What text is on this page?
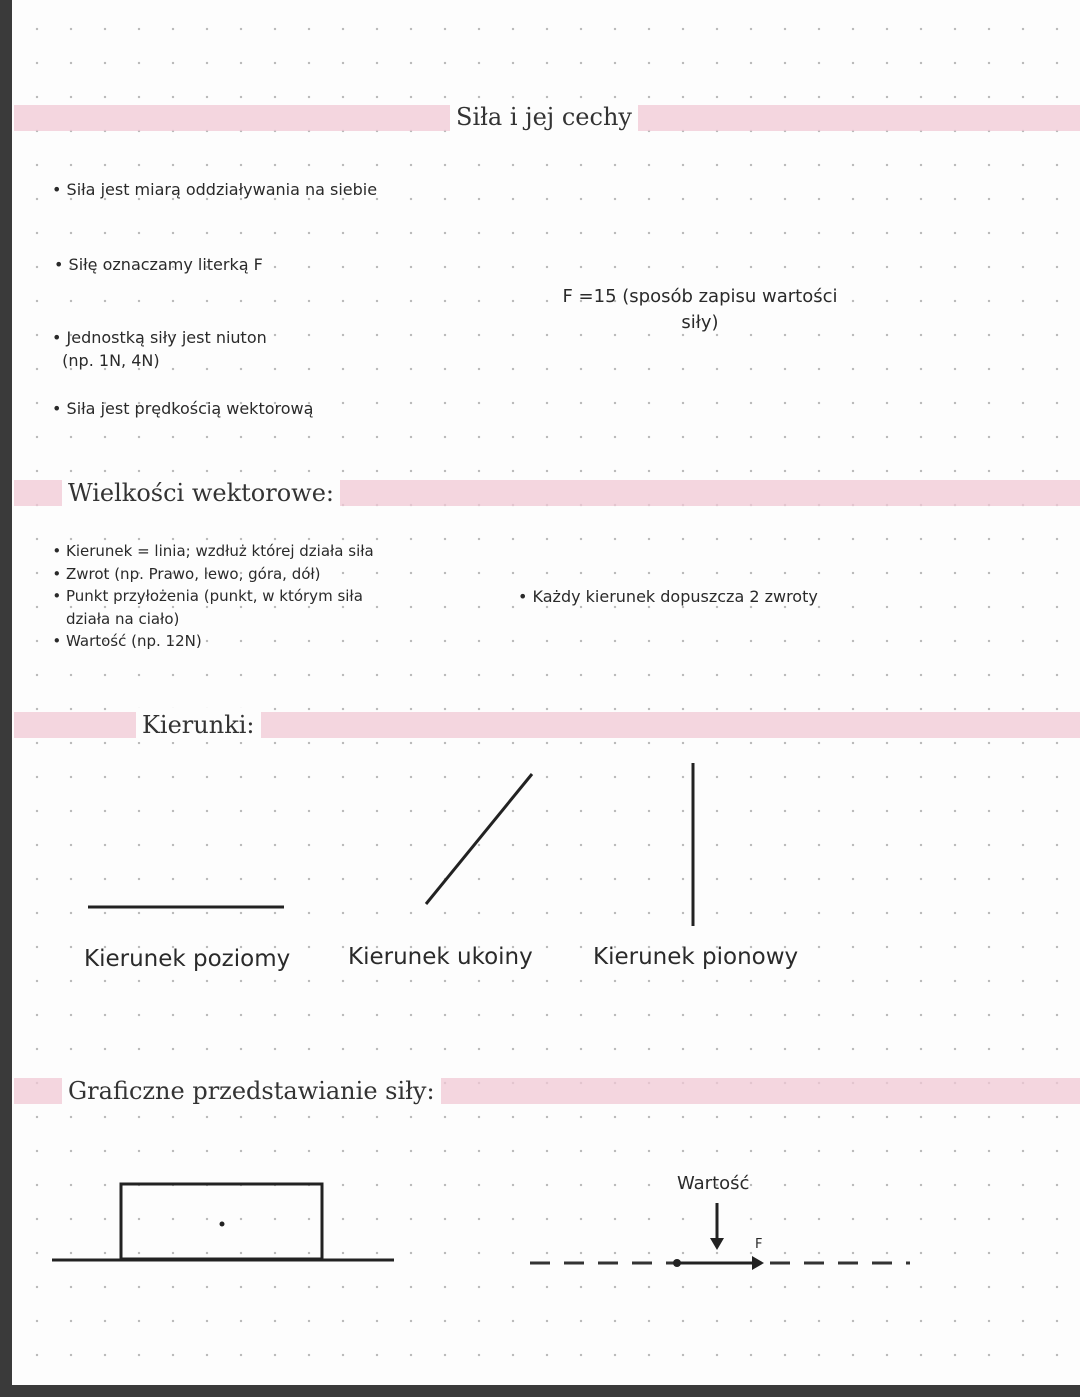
Siła i jej cechy
• Siła jest miarą oddziaływania na siebie
• Siłę oznaczamy literką F
• Jednostką siły jest niuton
(np. 1N, 4N)
• Siła jest prędkością wektorową
F =15 (sposób zapisu wartości
siły)
Wielkości wektorowe:
• Kierunek = linia; wzdłuż której działa siła
• Zwrot (np. Prawo, lewo, góra, dół)
• Punkt przyłożenia (punkt, w którym siła działa na ciało)
• Wartość (np. 12N)
• Każdy kierunek dopuszcza 2 zwroty
Kierunki:
Kierunek poziomy	Kierunek ukoiny	Kierunek pionowy
Graficzne przedstawianie siły:
Wartość
F
